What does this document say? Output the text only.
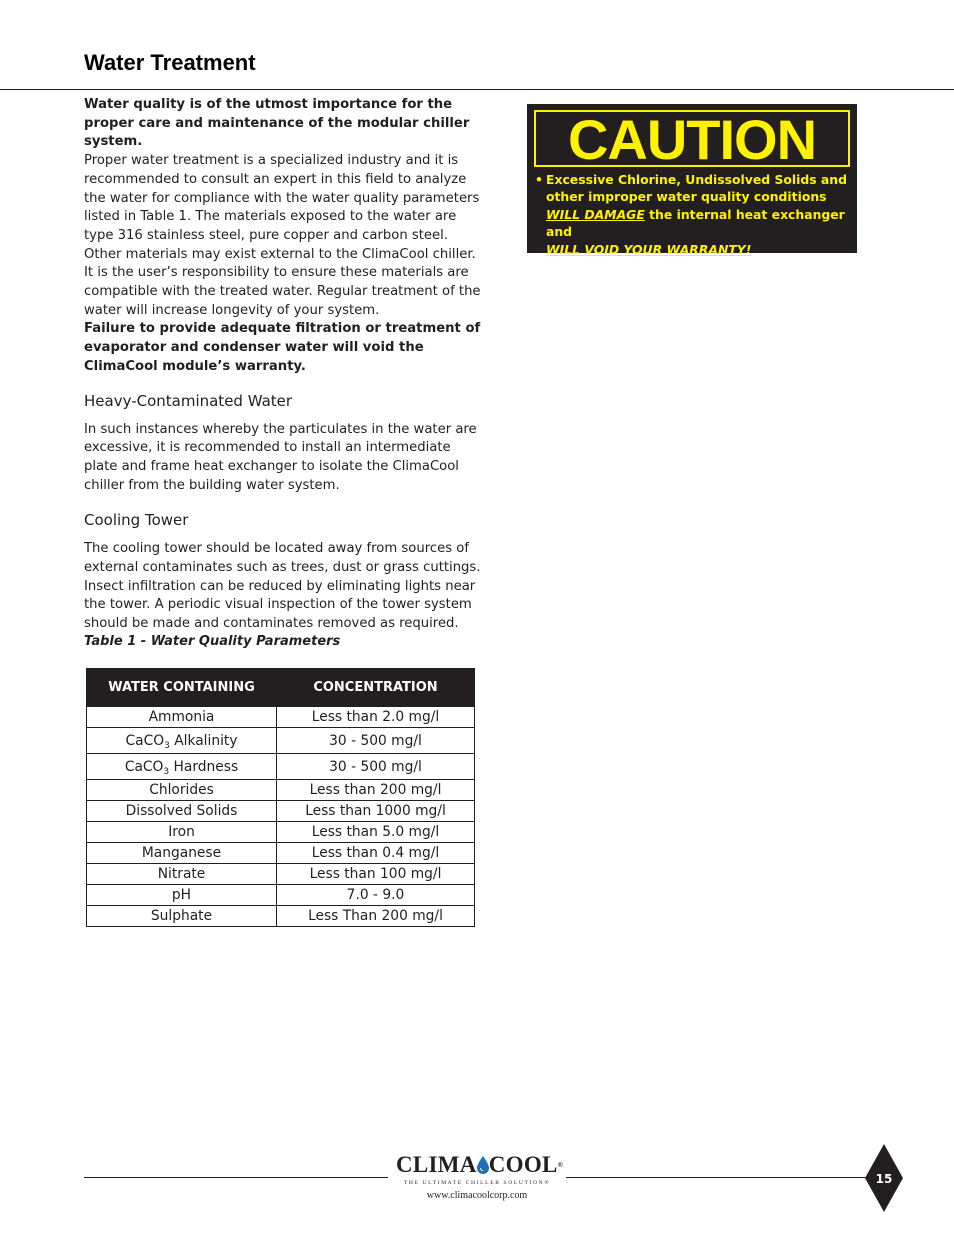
Water Treatment

Water quality is of the utmost importance for the proper care and maintenance of the modular chiller system.
Proper water treatment is a specialized industry and it is recommended to consult an expert in this field to analyze the water for compliance with the water quality parameters listed in Table 1. The materials exposed to the water are type 316 stainless steel, pure copper and carbon steel. Other materials may exist external to the ClimaCool chiller. It is the user’s responsibility to ensure these materials are compatible with the treated water. Regular treatment of the water will increase longevity of your system.
Failure to provide adequate filtration or treatment of evaporator and condenser water will void the ClimaCool module’s warranty.

Heavy-Contaminated Water

In such instances whereby the particulates in the water are excessive, it is recommended to install an intermediate plate and frame heat exchanger to isolate the ClimaCool chiller from the building water system.

Cooling Tower

The cooling tower should be located away from sources of external contaminates such as trees, dust or grass cuttings. Insect infiltration can be reduced by eliminating lights near the tower. A periodic visual inspection of the tower system should be made and contaminates removed as required.

Table 1 - Water Quality Parameters
WATER CONTAINING	CONCENTRATION
Ammonia	Less than 2.0 mg/l
CaCO$_3$ Alkalinity	30 - 500 mg/l
CaCO$_3$ Hardness	30 - 500 mg/l
Chlorides	Less than 200 mg/l
Dissolved Solids	Less than 1000 mg/l
Iron	Less than 5.0 mg/l
Manganese	Less than 0.4 mg/l
Nitrate	Less than 100 mg/l
pH	7.0 - 9.0
Sulphate	Less Than 200 mg/l
CAUTION
• Excessive Chlorine, Undissolved Solids and
other improper water quality conditions
WILL DAMAGE the internal heat exchanger and
WILL VOID YOUR WARRANTY!
CLIMA COOL®
THE ULTIMATE CHILLER SOLUTION®
www.climacoolcorp.com
15
